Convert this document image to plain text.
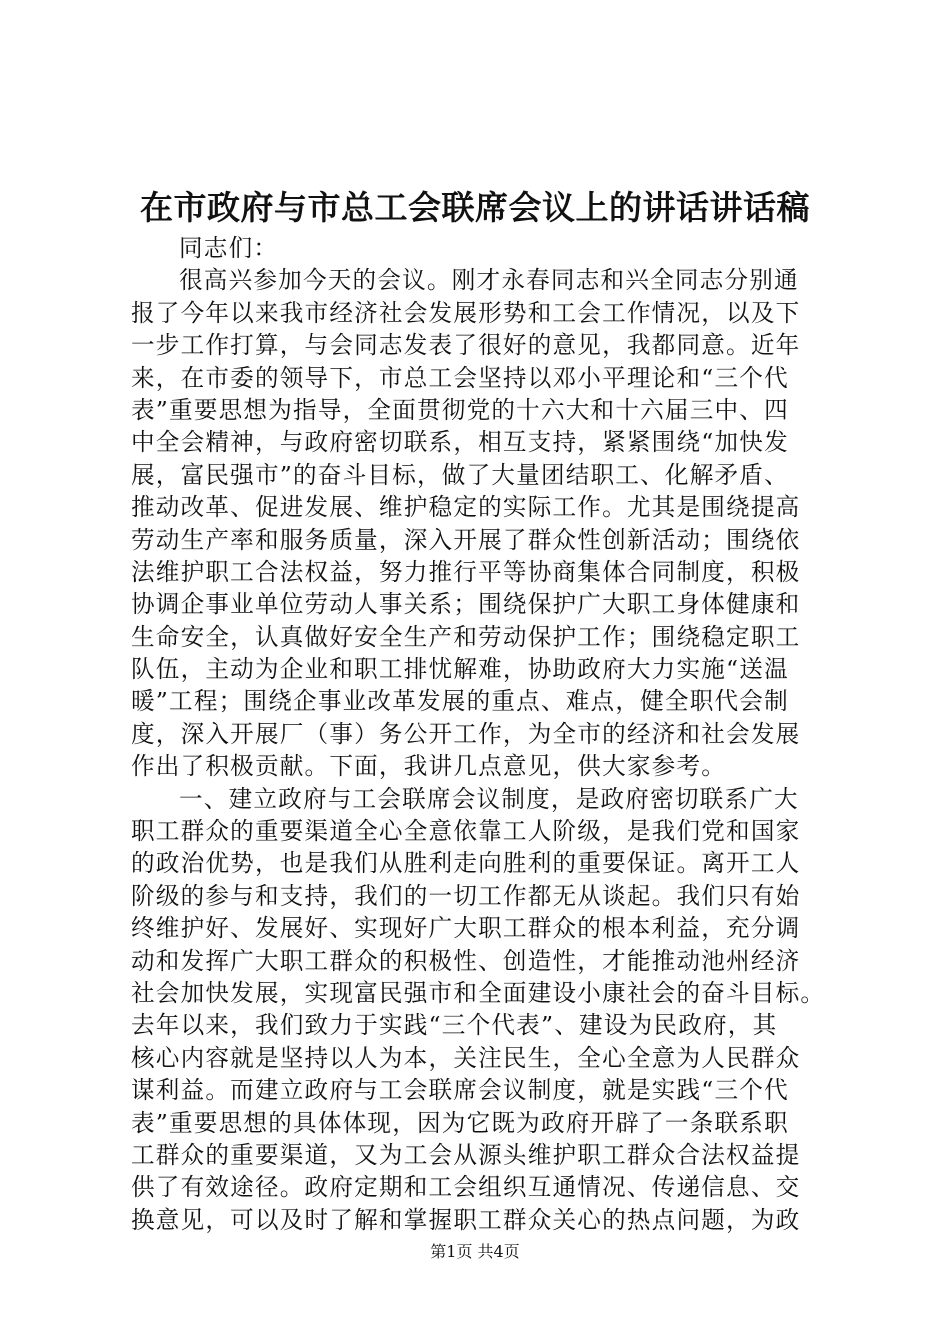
在市政府与市总工会联席会议上的讲话讲话稿
同志们：
很高兴参加今天的会议。刚才永春同志和兴全同志分别通
报了今年以来我市经济社会发展形势和工会工作情况，以及下
一步工作打算，与会同志发表了很好的意见，我都同意。近年
来，在市委的领导下，市总工会坚持以邓小平理论和“三个代
表”重要思想为指导，全面贯彻党的十六大和十六届三中、四
中全会精神，与政府密切联系，相互支持，紧紧围绕“加快发
展，富民强市”的奋斗目标，做了大量团结职工、化解矛盾、
推动改革、促进发展、维护稳定的实际工作。尤其是围绕提高
劳动生产率和服务质量，深入开展了群众性创新活动；围绕依
法维护职工合法权益，努力推行平等协商集体合同制度，积极
协调企事业单位劳动人事关系；围绕保护广大职工身体健康和
生命安全，认真做好安全生产和劳动保护工作；围绕稳定职工
队伍，主动为企业和职工排忧解难，协助政府大力实施“送温
暖”工程；围绕企事业改革发展的重点、难点，健全职代会制
度，深入开展厂（事）务公开工作，为全市的经济和社会发展
作出了积极贡献。下面，我讲几点意见，供大家参考。
一、建立政府与工会联席会议制度，是政府密切联系广大
职工群众的重要渠道全心全意依靠工人阶级，是我们党和国家
的政治优势，也是我们从胜利走向胜利的重要保证。离开工人
阶级的参与和支持，我们的一切工作都无从谈起。我们只有始
终维护好、发展好、实现好广大职工群众的根本利益，充分调
动和发挥广大职工群众的积极性、创造性，才能推动池州经济
社会加快发展，实现富民强市和全面建设小康社会的奋斗目标。
去年以来，我们致力于实践“三个代表”、建设为民政府，其
核心内容就是坚持以人为本，关注民生，全心全意为人民群众
谋利益。而建立政府与工会联席会议制度，就是实践“三个代
表”重要思想的具体体现，因为它既为政府开辟了一条联系职
工群众的重要渠道，又为工会从源头维护职工群众合法权益提
供了有效途径。政府定期和工会组织互通情况、传递信息、交
换意见，可以及时了解和掌握职工群众关心的热点问题，为政
第1页 共4页
